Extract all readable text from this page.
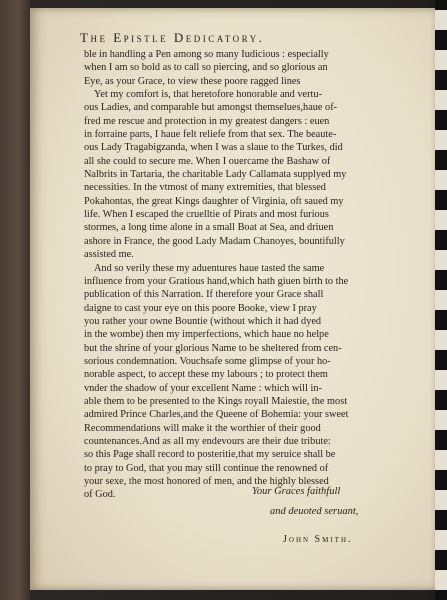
The Epistle Dedicatory.
ble in handling a Pen among so many Iudicious : especially
when I am so bold as to call so piercing, and so glorious an
Eye, as your Grace, to view these poore ragged lines
Yet my comfort is, that heretofore honorable and vertu-
ous Ladies, and comparable but amongst themselues,haue of-
fred me rescue and protection in my greatest dangers : euen
in forraine parts, I haue felt reliefe from that sex. The beaute-
ous Lady Tragabigzanda, when I was a slaue to the Turkes, did
all she could to secure me. When I ouercame the Bashaw of
Nalbrits in Tartaria, the charitable Lady Callamata supplyed my
necessities. In the vtmost of many extremities, that blessed
Pokahontas, the great Kings daughter of Virginia, oft saued my
life. When I escaped the cruelltie of Pirats and most furious
stormes, a long time alone in a small Boat at Sea, and driuen
ashore in France, the good Lady Madam Chanoyes, bountifully
assisted me.
And so verily these my aduentures haue tasted the same
influence from your Gratious hand,which hath giuen birth to the
publication of this Narration. If therefore your Grace shall
daigne to cast your eye on this poore Booke, view I pray
you rather your owne Bountie (without which it had dyed
in the wombe) then my imperfections, which haue no helpe
but the shrine of your glorious Name to be sheltered from cen-
sorious condemnation. Vouchsafe some glimpse of your ho-
norable aspect, to accept these my labours ; to protect them
vnder the shadow of your excellent Name : which will in-
able them to be presented to the Kings royall Maiestie, the most
admired Prince Charles,and the Queene of Bohemia: your sweet
Recommendations will make it the worthier of their good
countenances.And as all my endevours are their due tribute:
so this Page shall record to posteritie,that my seruice shall be
to pray to God, that you may still continue the renowned of
your sexe, the most honored of men, and the highly blessed
of God.	Your Graces faithfull
and deuoted seruant,
John Smith.
